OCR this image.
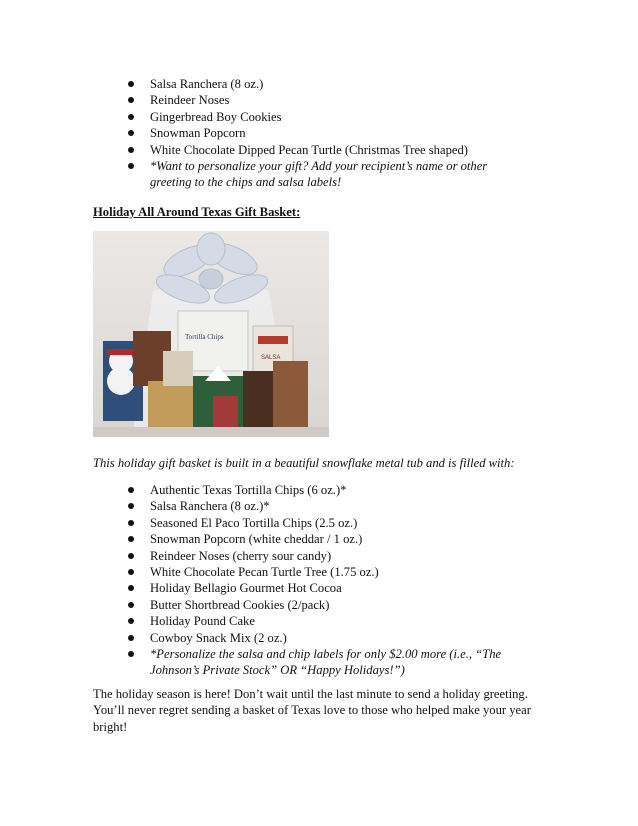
Salsa Ranchera (8 oz.)
Reindeer Noses
Gingerbread Boy Cookies
Snowman Popcorn
White Chocolate Dipped Pecan Turtle (Christmas Tree shaped)
*Want to personalize your gift? Add your recipient’s name or other greeting to the chips and salsa labels!
Holiday All Around Texas Gift Basket:
Tortilla Chips
SALSA
This holiday gift basket is built in a beautiful snowflake metal tub and is filled with:
Authentic Texas Tortilla Chips (6 oz.)*
Salsa Ranchera (8 oz.)*
Seasoned El Paco Tortilla Chips (2.5 oz.)
Snowman Popcorn (white cheddar / 1 oz.)
Reindeer Noses (cherry sour candy)
White Chocolate Pecan Turtle Tree (1.75 oz.)
Holiday Bellagio Gourmet Hot Cocoa
Butter Shortbread Cookies (2/pack)
Holiday Pound Cake
Cowboy Snack Mix (2 oz.)
*Personalize the salsa and chip labels for only $2.00 more (i.e., “The Johnson’s Private Stock” OR “Happy Holidays!”)
The holiday season is here! Don’t wait until the last minute to send a holiday greeting. You’ll never regret sending a basket of Texas love to those who helped make your year bright!
